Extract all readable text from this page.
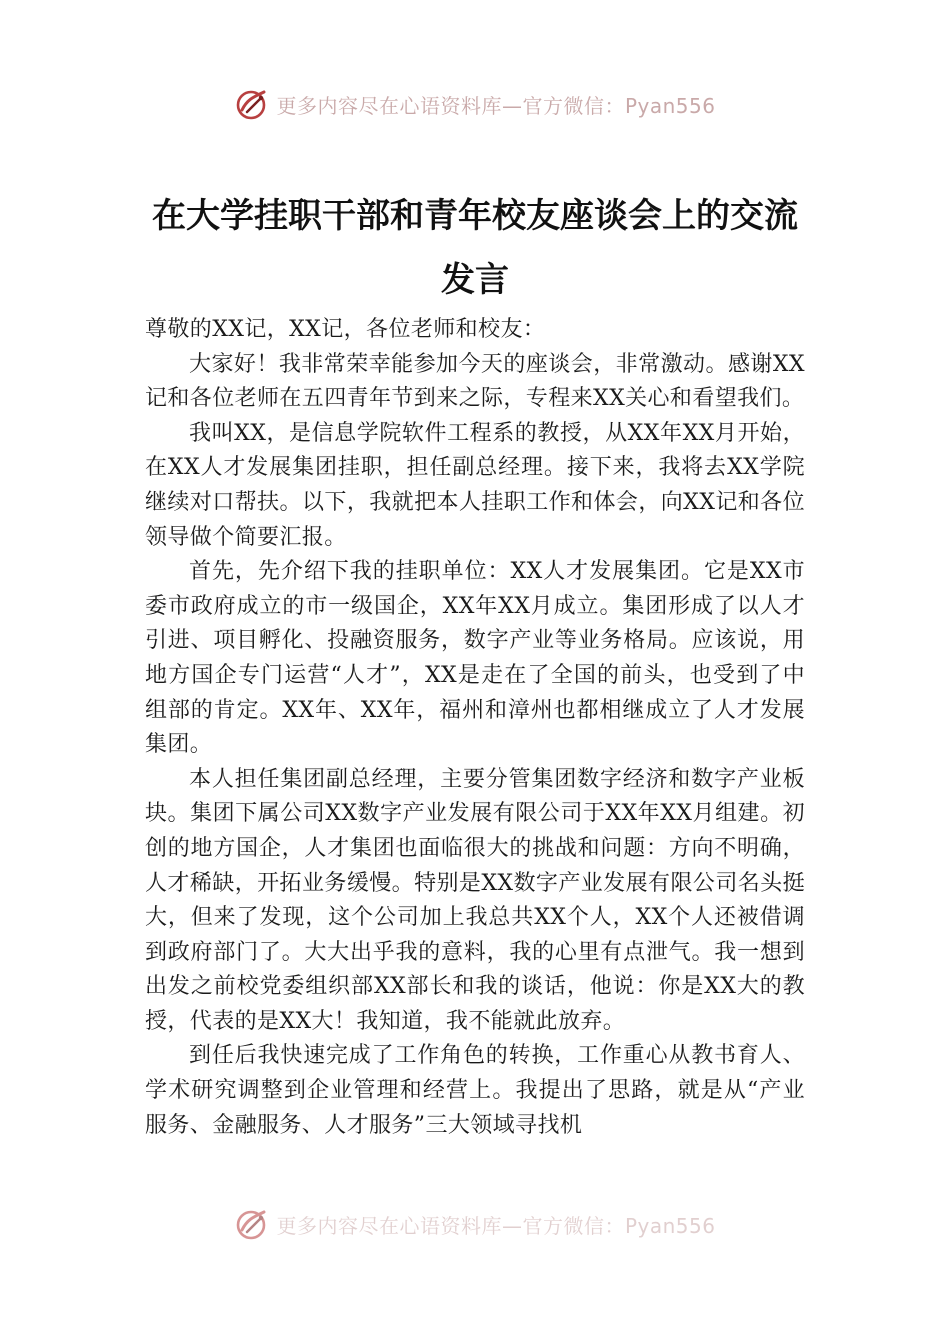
更多内容尽在心语资料库—官方微信：Pyan556
在大学挂职干部和青年校友座谈会上的交流发言

尊敬的XX记，XX记，各位老师和校友：

大家好！我非常荣幸能参加今天的座谈会，非常激动。感谢XX记和各位老师在五四青年节到来之际，专程来XX关心和看望我们。

我叫XX，是信息学院软件工程系的教授，从XX年XX月开始，在XX人才发展集团挂职，担任副总经理。接下来，我将去XX学院继续对口帮扶。以下，我就把本人挂职工作和体会，向XX记和各位领导做个简要汇报。

首先，先介绍下我的挂职单位：XX人才发展集团。它是XX市委市政府成立的市一级国企，XX年XX月成立。集团形成了以人才引进、项目孵化、投融资服务，数字产业等业务格局。应该说，用地方国企专门运营“人才”，XX是走在了全国的前头，也受到了中组部的肯定。XX年、XX年，福州和漳州也都相继成立了人才发展集团。

本人担任集团副总经理，主要分管集团数字经济和数字产业板块。集团下属公司XX数字产业发展有限公司于XX年XX月组建。初创的地方国企，人才集团也面临很大的挑战和问题：方向不明确，人才稀缺，开拓业务缓慢。特别是XX数字产业发展有限公司名头挺大，但来了发现，这个公司加上我总共XX个人，XX个人还被借调到政府部门了。大大出乎我的意料，我的心里有点泄气。我一想到出发之前校党委组织部XX部长和我的谈话，他说：你是XX大的教授，代表的是XX大！我知道，我不能就此放弃。

到任后我快速完成了工作角色的转换，工作重心从教书育人、学术研究调整到企业管理和经营上。我提出了思路，就是从“产业服务、金融服务、人才服务”三大领域寻找机

更多内容尽在心语资料库—官方微信：Pyan556
